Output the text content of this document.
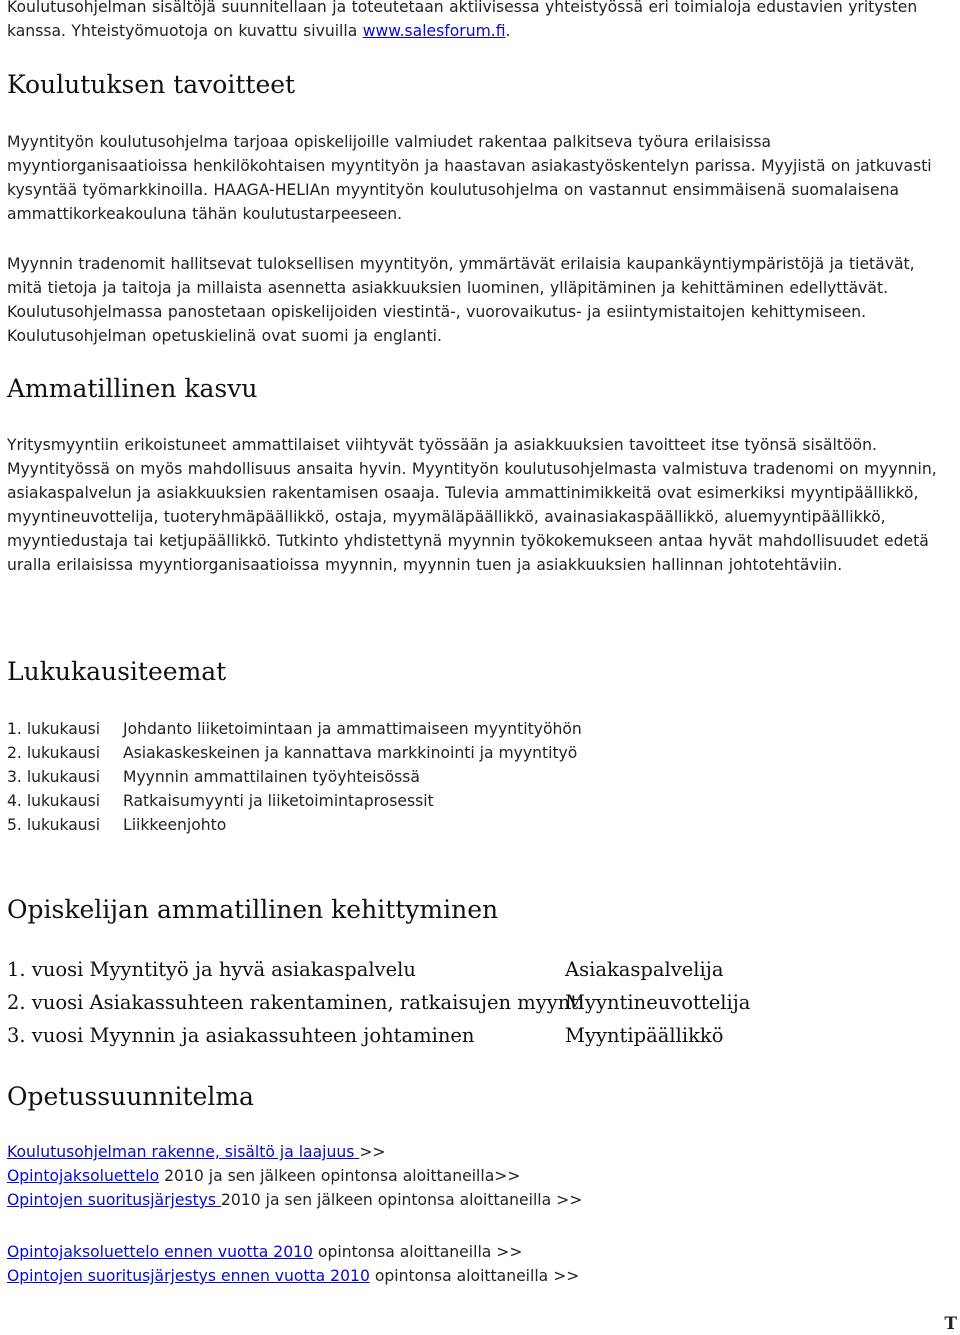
Koulutusohjelman sisältöjä suunnitellaan ja toteutetaan aktiivisessa yhteistyössä eri toimialoja edustavien yritysten kanssa. Yhteistyömuotoja on kuvattu sivuilla www.salesforum.fi.

Koulutuksen tavoitteet

Myyntityön koulutusohjelma tarjoaa opiskelijoille valmiudet rakentaa palkitseva työura erilaisissa myyntiorganisaatioissa henkilökohtaisen myyntityön ja haastavan asiakastyöskentelyn parissa. Myyjistä on jatkuvasti kysyntää työmarkkinoilla. HAAGA-HELIAn myyntityön koulutusohjelma on vastannut ensimmäisenä suomalaisena ammattikorkeakouluna tähän koulutustarpeeseen.

Myynnin tradenomit hallitsevat tuloksellisen myyntityön, ymmärtävät erilaisia kaupankäyntiympäristöjä ja tietävät, mitä tietoja ja taitoja ja millaista asennetta asiakkuuksien luominen, ylläpitäminen ja kehittäminen edellyttävät. Koulutusohjelmassa panostetaan opiskelijoiden viestintä-, vuorovaikutus- ja esiintymistaitojen kehittymiseen. Koulutusohjelman opetuskielinä ovat suomi ja englanti.

Ammatillinen kasvu

Yritysmyyntiin erikoistuneet ammattilaiset viihtyvät työssään ja asiakkuuksien tavoitteet itse työnsä sisältöön. Myyntityössä on myös mahdollisuus ansaita hyvin. Myyntityön koulutusohjelmasta valmistuva tradenomi on myynnin, asiakaspalvelun ja asiakkuuksien rakentamisen osaaja. Tulevia ammattinimikkeitä ovat esimerkiksi myyntipäällikkö, myyntineuvottelija, tuoteryhmäpäällikkö, ostaja, myymäläpäällikkö, avainasiakaspäällikkö, aluemyyntipäällikkö, myyntiedustaja tai ketjupäällikkö. Tutkinto yhdistettynä myynnin työkokemukseen antaa hyvät mahdollisuudet edetä uralla erilaisissa myyntiorganisaatioissa myynnin, myynnin tuen ja asiakkuuksien hallinnan johtotehtäviin.

Lukukausiteemat
1. lukukausi Johdanto liiketoimintaan ja ammattimaiseen myyntityöhön
2. lukukausi Asiakaskeskeinen ja kannattava markkinointi ja myyntityö
3. lukukausi Myynnin ammattilainen työyhteisössä
4. lukukausi Ratkaisumyynti ja liiketoimintaprosessit
5. lukukausi Liikkeenjohto
Opiskelijan ammatillinen kehittyminen
1. vuosi Myyntityö ja hyvä asiakaspalvelu	Asiakaspalvelija
2. vuosi Asiakassuhteen rakentaminen, ratkaisujen myynti
Myyntineuvottelija
3. vuosi Myynnin ja asiakassuhteen johtaminen	Myyntipäällikkö
Opetussuunnitelma
Koulutusohjelman rakenne, sisältö ja laajuus >>
Opintojaksoluettelo 2010 ja sen jälkeen opintonsa aloittaneilla>>
Opintojen suoritusjärjestys 2010 ja sen jälkeen opintonsa aloittaneilla >>
Opintojaksoluettelo ennen vuotta 2010 opintonsa aloittaneilla >>
Opintojen suoritusjärjestys ennen vuotta 2010 opintonsa aloittaneilla >>
T
